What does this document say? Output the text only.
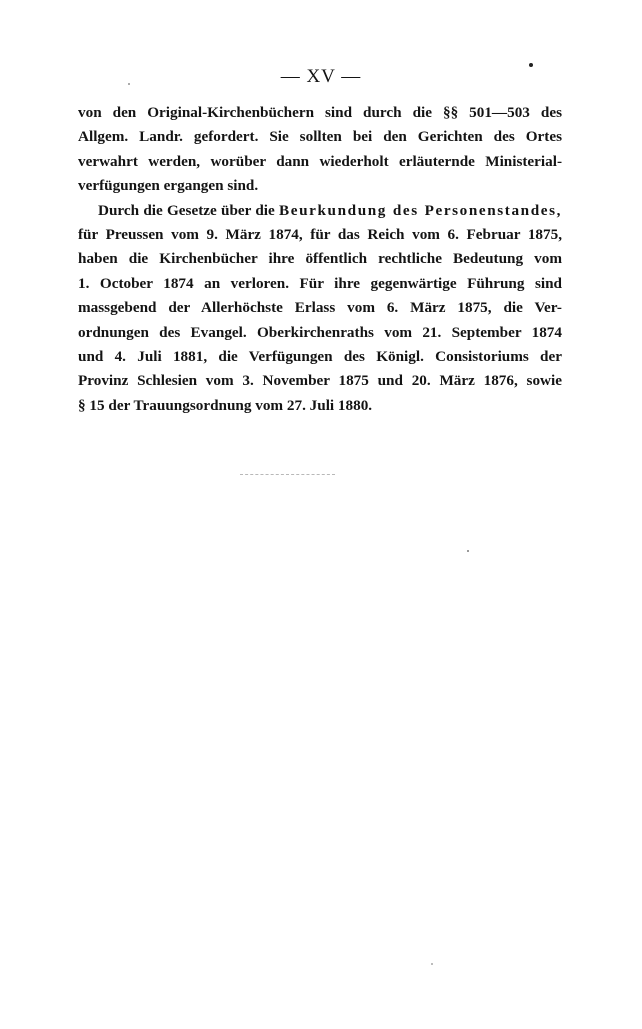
— XV —
von den Original-Kirchenbüchern sind durch die §§ 501—503 des
Allgem. Landr. gefordert. Sie sollten bei den Gerichten des Ortes
verwahrt werden, worüber dann wiederholt erläuternde Ministerial-
verfügungen ergangen sind.
Durch die Gesetze über die Beurkundung des Personenstandes,
für Preussen vom 9. März 1874, für das Reich vom 6. Februar 1875,
haben die Kirchenbücher ihre öffentlich rechtliche Bedeutung vom
1. October 1874 an verloren. Für ihre gegenwärtige Führung sind
massgebend der Allerhöchste Erlass vom 6. März 1875, die Ver-
ordnungen des Evangel. Oberkirchenraths vom 21. September 1874
und 4. Juli 1881, die Verfügungen des Königl. Consistoriums der
Provinz Schlesien vom 3. November 1875 und 20. März 1876, sowie
§ 15 der Trauungsordnung vom 27. Juli 1880.
